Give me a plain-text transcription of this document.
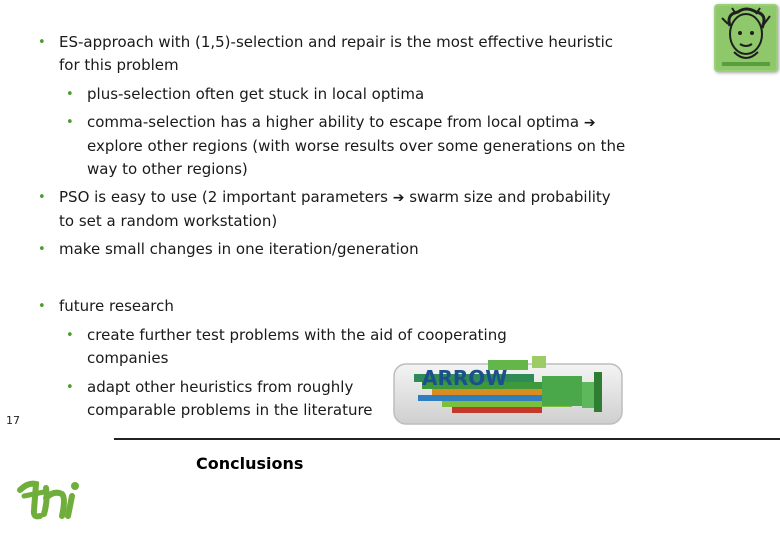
• ES-approach with (1,5)-selection and repair is the most effective heuristic for this problem
• plus-selection often get stuck in local optima
• comma-selection has a higher ability to escape from local optima ➔ explore other regions (with worse results over some generations on the way to other regions)
• PSO is easy to use (2 important parameters ➔ swarm size and probability to set a random workstation)
• make small changes in one iteration/generation
• future research
• create further test problems with the aid of cooperating companies
ARROW
• adapt other heuristics from roughly comparable problems in the literature
17
Conclusions
